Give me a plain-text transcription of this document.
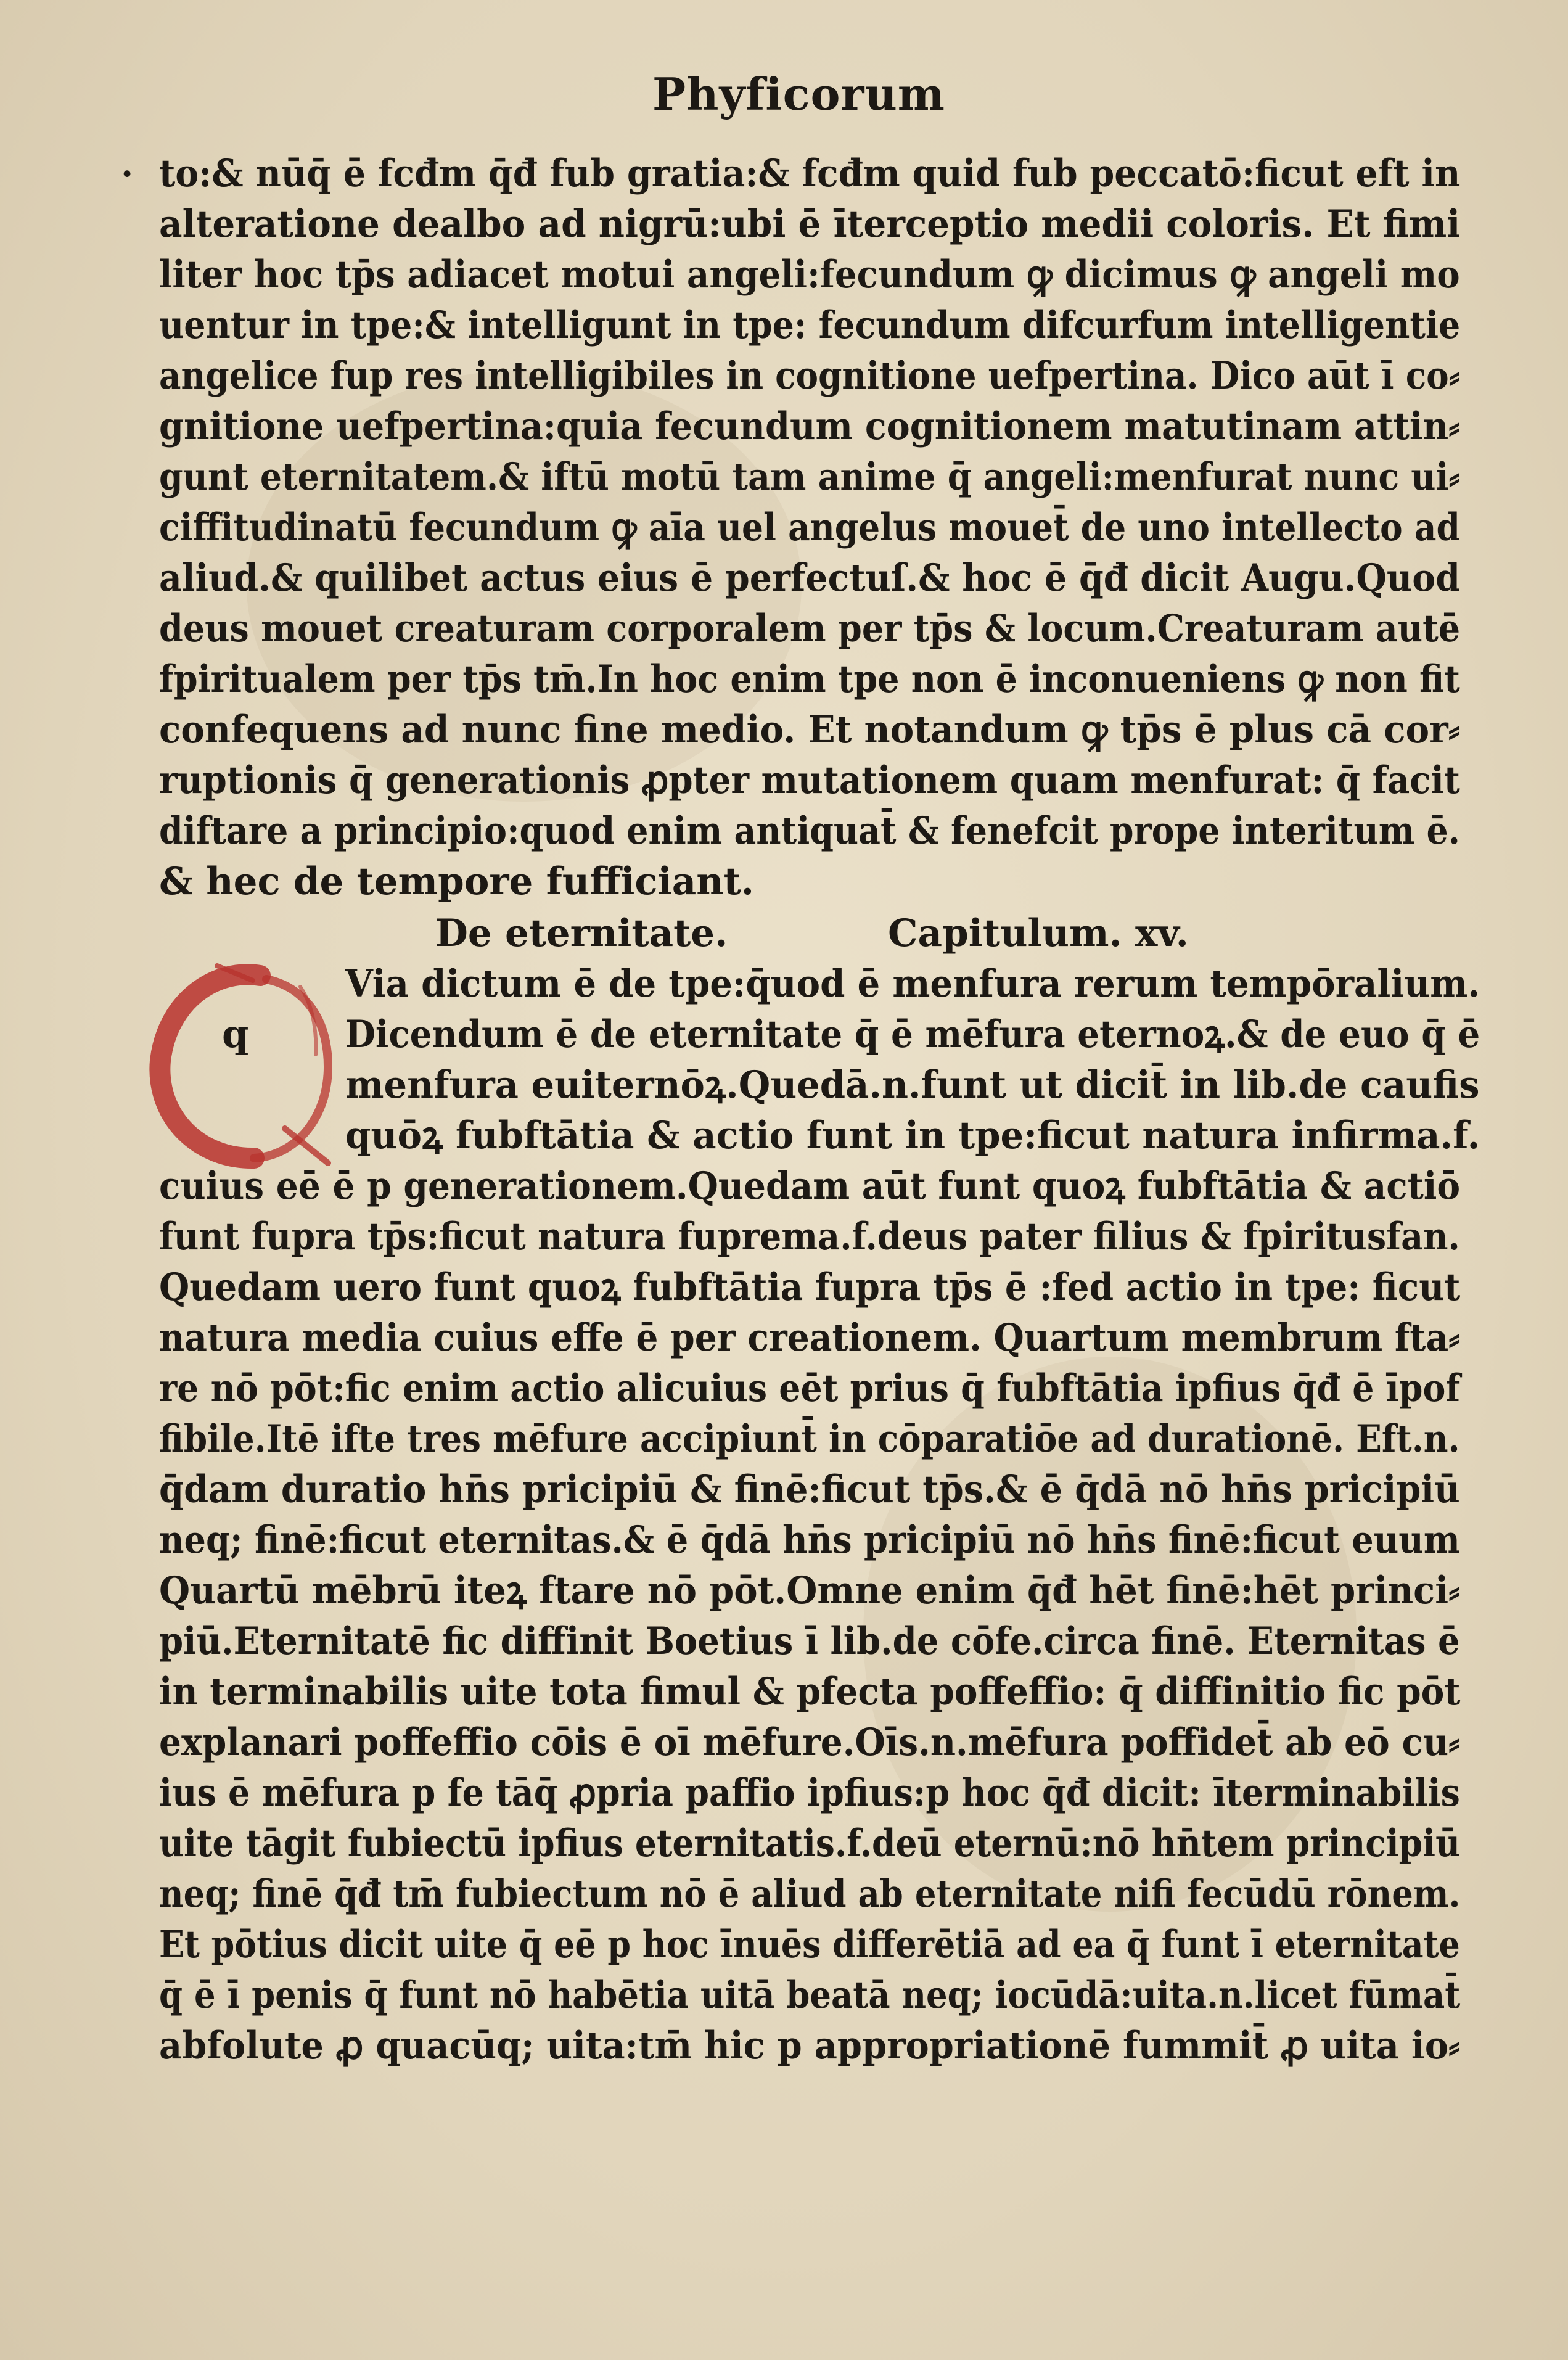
Phyficorum
· to:& nūq̄ ē fcđm q̄đ fub gratia:& fcđm quid fub peccatō:ficut eft in
alteratione dealbo ad nigrū:ubi ē īterceptio medii coloris. Et fimi
liter hoc tp̄s adiacet motui angeli:fecundum ꝙ dicimus ꝙ angeli mo
uentur in tpe:& intelligunt in tpe: fecundum difcurfum intelligentie
angelice fup res intelligibiles in cognitione uefpertina. Dico aūt ī co⸗
gnitione uefpertina:quia fecundum cognitionem matutinam attin⸗
gunt eternitatem.& iftū motū tam anime q̄ angeli:menfurat nunc ui⸗
ciffitudinatū fecundum ꝙ aīa uel angelus mouet̄ de uno intellecto ad
aliud.& quilibet actus eius ē perfectuſ.& hoc ē q̄đ dicit Augu.Quod
deus mouet creaturam corporalem per tp̄s & locum.Creaturam autē
fpiritualem per tp̄s tm̄.In hoc enim tpe non ē inconueniens ꝙ non fit
confequens ad nunc fine medio. Et notandum ꝙ tp̄s ē plus cā cor⸗
ruptionis q̄ generationis ꝓpter mutationem quam menfurat: q̄ facit
diftare a principio:quod enim antiquat̄ & fenefcit prope interitum ē.
& hec de tempore fufficiant.
De eternitate.	Capitulum. xv.
q
Via dictum ē de tpe:q̄uod ē menfura rerum tempōralium.
Dicendum ē de eternitate q̄ ē mēfura eternoꝝ.& de euo q̄ ē
menfura euiternōꝝ.Quedā.n.funt ut dicit̄ in lib.de caufis
quōꝝ fubftātia & actio funt in tpe:ficut natura infirma.f.
cuius eē ē p generationem.Quedam aūt funt quoꝝ fubftātia & actiō
funt fupra tp̄s:ficut natura fuprema.f.deus pater filius & fpiritusfan.
Quedam uero funt quoꝝ fubftātia fupra tp̄s ē :fed actio in tpe: ficut
natura media cuius effe ē per creationem. Quartum membrum fta⸗
re nō pōt:fic enim actio alicuius eēt prius q̄ fubftātia ipfius q̄đ ē īpof
fibile.Itē ifte tres mēfure accipiunt̄ in cōparatiōe ad durationē. Eft.n.
q̄dam duratio hn̄s pricipiū & finē:ficut tp̄s.& ē q̄dā nō hn̄s pricipiū
neq; finē:ficut eternitas.& ē q̄dā hn̄s pricipiū nō hn̄s finē:ficut euum
Quartū mēbrū iteꝝ ftare nō pōt.Omne enim q̄đ hēt finē:hēt princi⸗
piū.Eternitatē fic diffinit Boetius ī lib.de cōfe.circa finē. Eternitas ē
in terminabilis uite tota fimul & pfecta poffeffio: q̄ diffinitio fic pōt
explanari poffeffio cōis ē oī mēfure.Oīs.n.mēfura poffidet̄ ab eō cu⸗
ius ē mēfura p fe tāq̄ ꝓpria paffio ipfius:p hoc q̄đ dicit: īterminabilis
uite tāgit fubiectū ipfius eternitatis.f.deū eternū:nō hn̄tem principiū
neq; finē q̄đ tm̄ fubiectum nō ē aliud ab eternitate nifi fecūdū rōnem.
Et pōtius dicit uite q̄ eē p hoc īnuēs differētiā ad ea q̄ funt ī eternitate
q̄ ē ī penis q̄ funt nō habētia uitā beatā neq; iocūdā:uita.n.licet fūmat̄
abfolute ꝓ quacūq; uita:tm̄ hic p appropriationē fummit̄ ꝓ uita io⸗
